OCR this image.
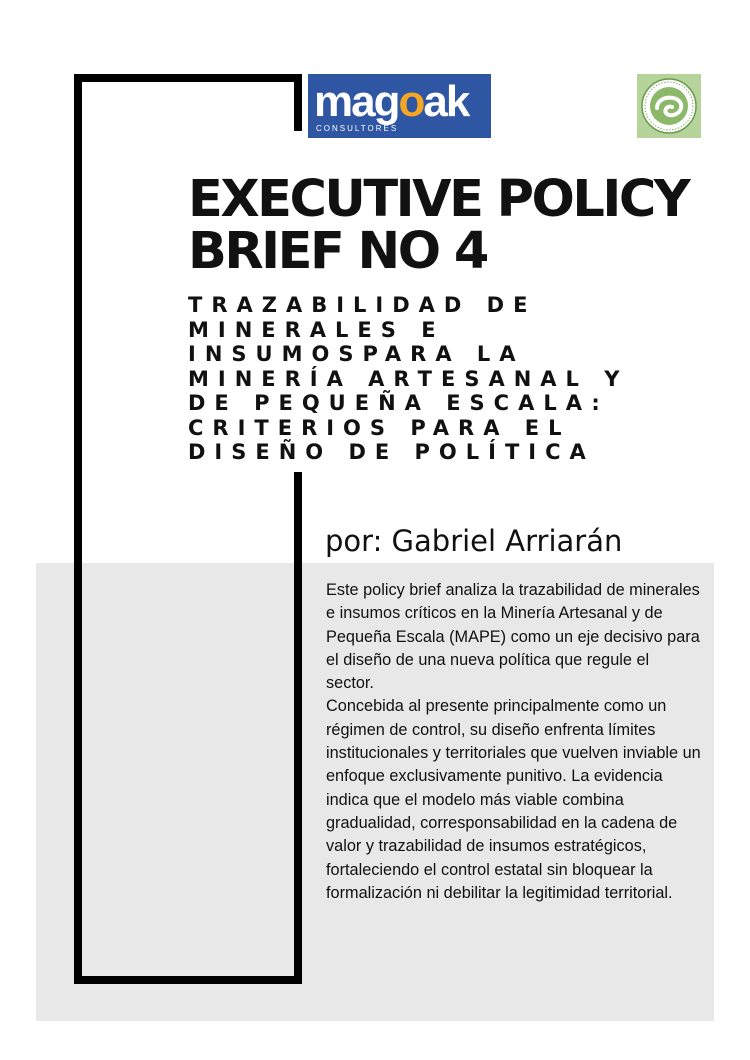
magoak
CONSULTORES
EXECUTIVE POLICY
BRIEF NO 4
TRAZABILIDAD DE
MINERALES E
INSUMOSPARA LA
MINERÍA ARTESANAL Y
DE PEQUEÑA ESCALA:
CRITERIOS PARA EL
DISEÑO DE POLÍTICA
por: Gabriel Arriarán

Este policy brief analiza la trazabilidad de minerales e insumos críticos en la Minería Artesanal y de Pequeña Escala (MAPE) como un eje decisivo para el diseño de una nueva política que regule el sector.

Concebida al presente principalmente como un régimen de control, su diseño enfrenta límites institucionales y territoriales que vuelven inviable un enfoque exclusivamente punitivo. La evidencia indica que el modelo más viable combina gradualidad, corresponsabilidad en la cadena de valor y trazabilidad de insumos estratégicos, fortaleciendo el control estatal sin bloquear la formalización ni debilitar la legitimidad territorial.
